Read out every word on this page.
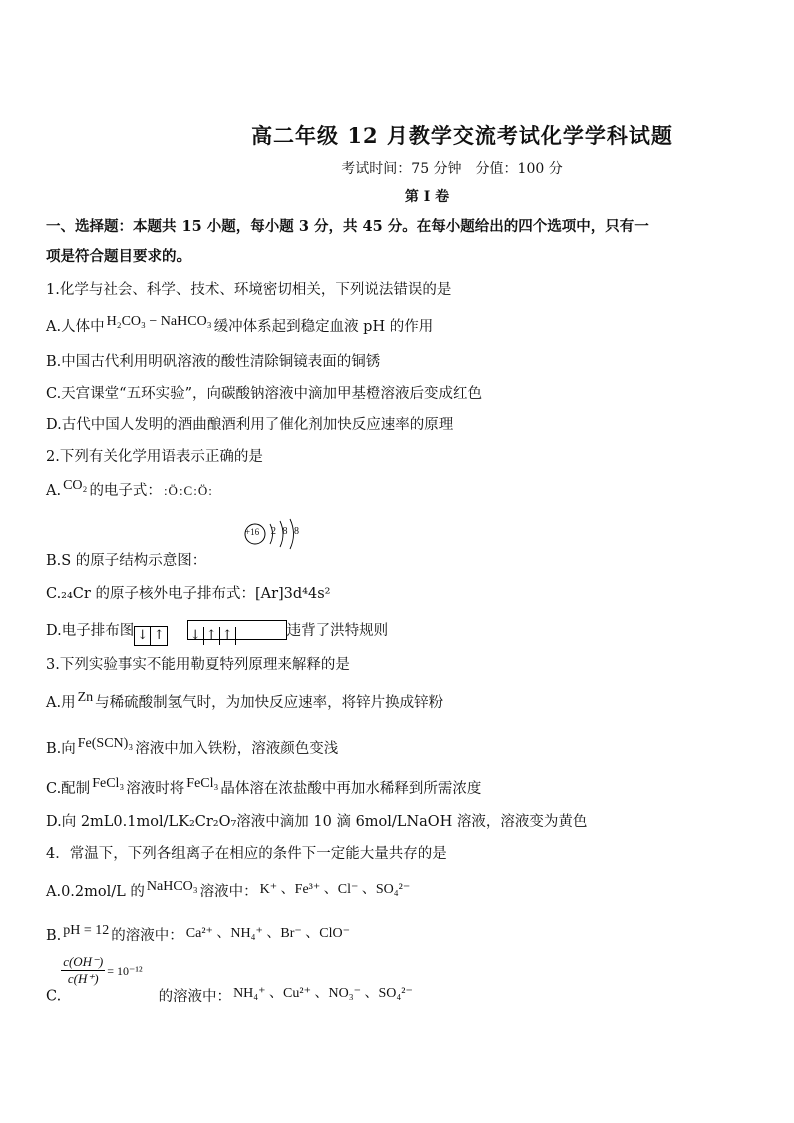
高二年级 12 月教学交流考试化学学科试题
考试时间：75 分钟　分值：100 分
第 I 卷
一、选择题：本题共 15 小题，每小题 3 分，共 45 分。在每小题给出的四个选项中，只有一
项是符合题目要求的。
1.化学与社会、科学、技术、环境密切相关，下列说法错误的是
A.人体中 H₂CO₃ − NaHCO₃ 缓冲体系起到稳定血液 pH 的作用
B.中国古代利用明矾溶液的酸性清除铜镜表面的铜锈
C.天宫课堂“五环实验”，向碳酸钠溶液中滴加甲基橙溶液后变成红色
D.古代中国人发明的酒曲酿酒利用了催化剂加快反应速率的原理
2.下列有关化学用语表示正确的是
A. CO₂ 的电子式： :Ö:C:Ö:
+16 2 8 8
B.S 的原子结构示意图：
C.₂₄Cr 的原子核外电子排布式：[Ar]3d⁴4s²
D.电子排布图 ↓ ↑ ↓ ↑ ↑	违背了洪特规则
3.下列实验事实不能用勒夏特列原理来解释的是
A.用 Zn 与稀硫酸制氢气时，为加快反应速率，将锌片换成锌粉
B.向 Fe(SCN)₃ 溶液中加入铁粉，溶液颜色变浅
C.配制 FeCl₃ 溶液时将 FeCl₃ 晶体溶在浓盐酸中再加水稀释到所需浓度
D.向 2mL0.1mol/LK₂Cr₂O₇溶液中滴加 10 滴 6mol/LNaOH 溶液，溶液变为黄色
4．常温下，下列各组离子在相应的条件下一定能大量共存的是
A.0.2mol/L 的 NaHCO₃ 溶液中： K⁺ 、Fe³⁺ 、Cl⁻ 、SO₄²⁻
B. pH = 12 的溶液中： Ca²⁺ 、NH₄⁺ 、Br⁻ 、ClO⁻
C.
$\frac{c(OH^-)}{c(H^+)} = 10^{-12}$的溶液中： NH₄⁺ 、Cu²⁺ 、NO₃⁻ 、SO₄²⁻
